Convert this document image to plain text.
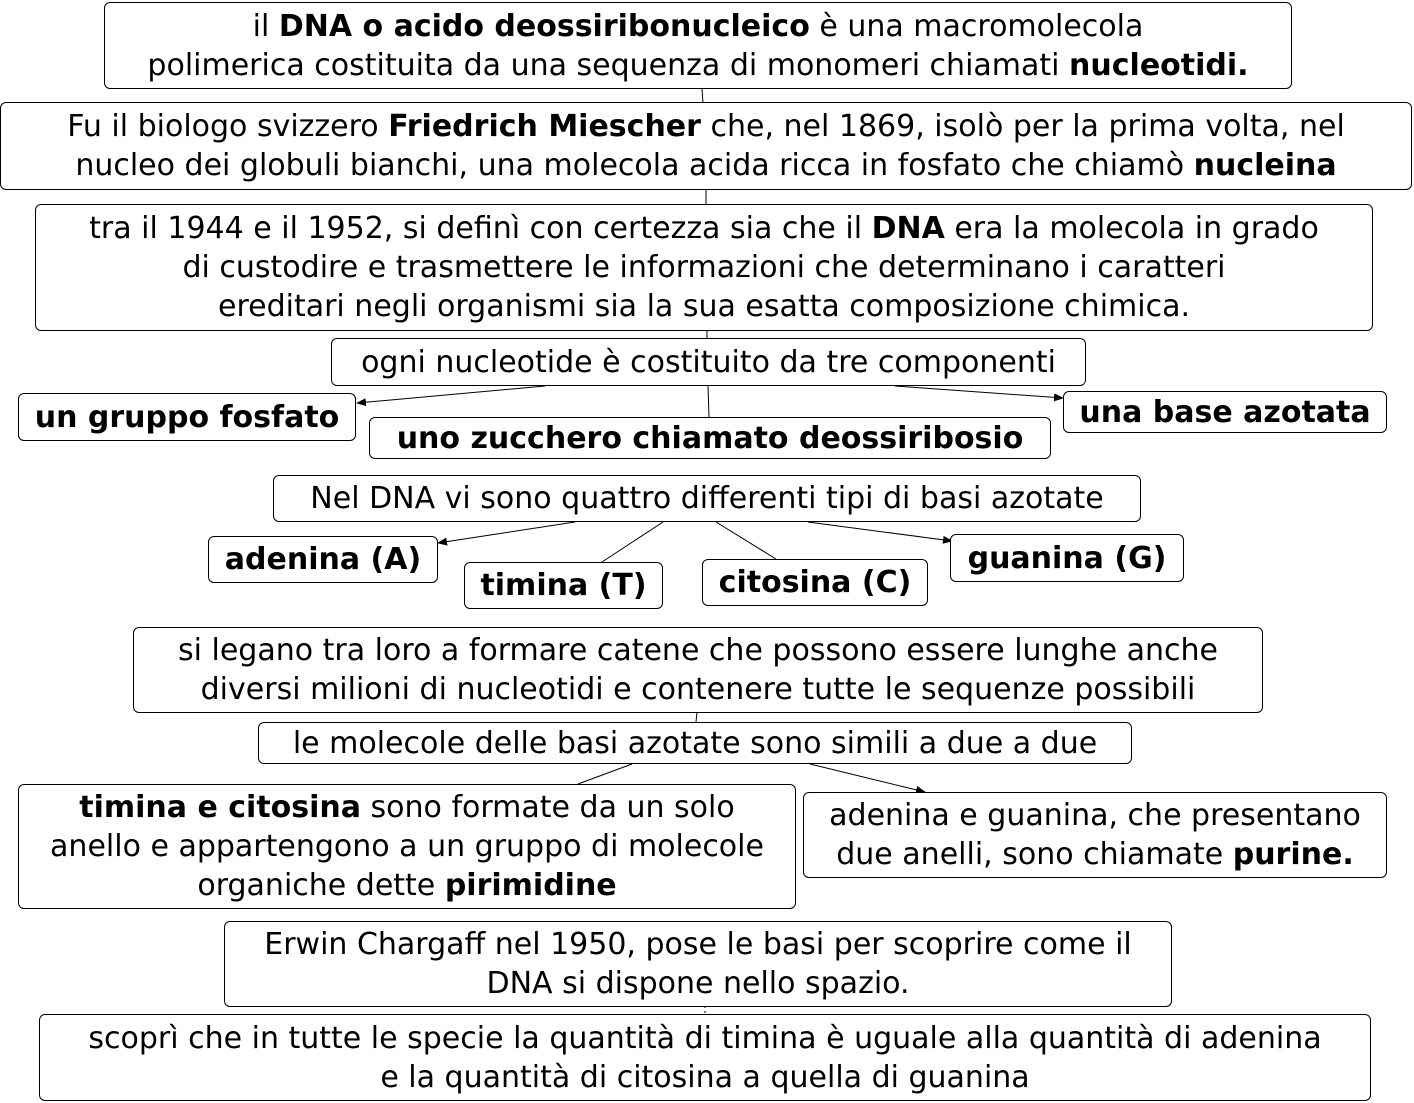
il DNA o acido deossiribonucleico è una macromolecola
polimerica costituita da una sequenza di monomeri chiamati nucleotidi.
Fu il biologo svizzero Friedrich Miescher che, nel 1869, isolò per la prima volta, nel
nucleo dei globuli bianchi, una molecola acida ricca in fosfato che chiamò nucleina
tra il 1944 e il 1952, si definì con certezza sia che il DNA era la molecola in grado
di custodire e trasmettere le informazioni che determinano i caratteri
ereditari negli organismi sia la sua esatta composizione chimica.
ogni nucleotide è costituito da tre componenti
un gruppo fosfato
uno zucchero chiamato deossiribosio
una base azotata
Nel DNA vi sono quattro differenti tipi di basi azotate
adenina (A)
timina (T)	citosina (C)
guanina (G)
si legano tra loro a formare catene che possono essere lunghe anche
diversi milioni di nucleotidi e contenere tutte le sequenze possibili
le molecole delle basi azotate sono simili a due a due
timina e citosina sono formate da un solo
anello e appartengono a un gruppo di molecole
organiche dette pirimidine
adenina e guanina, che presentano
due anelli, sono chiamate purine.
Erwin Chargaff nel 1950, pose le basi per scoprire come il
DNA si dispone nello spazio.
scoprì che in tutte le specie la quantità di timina è uguale alla quantità di adenina
e la quantità di citosina a quella di guanina
